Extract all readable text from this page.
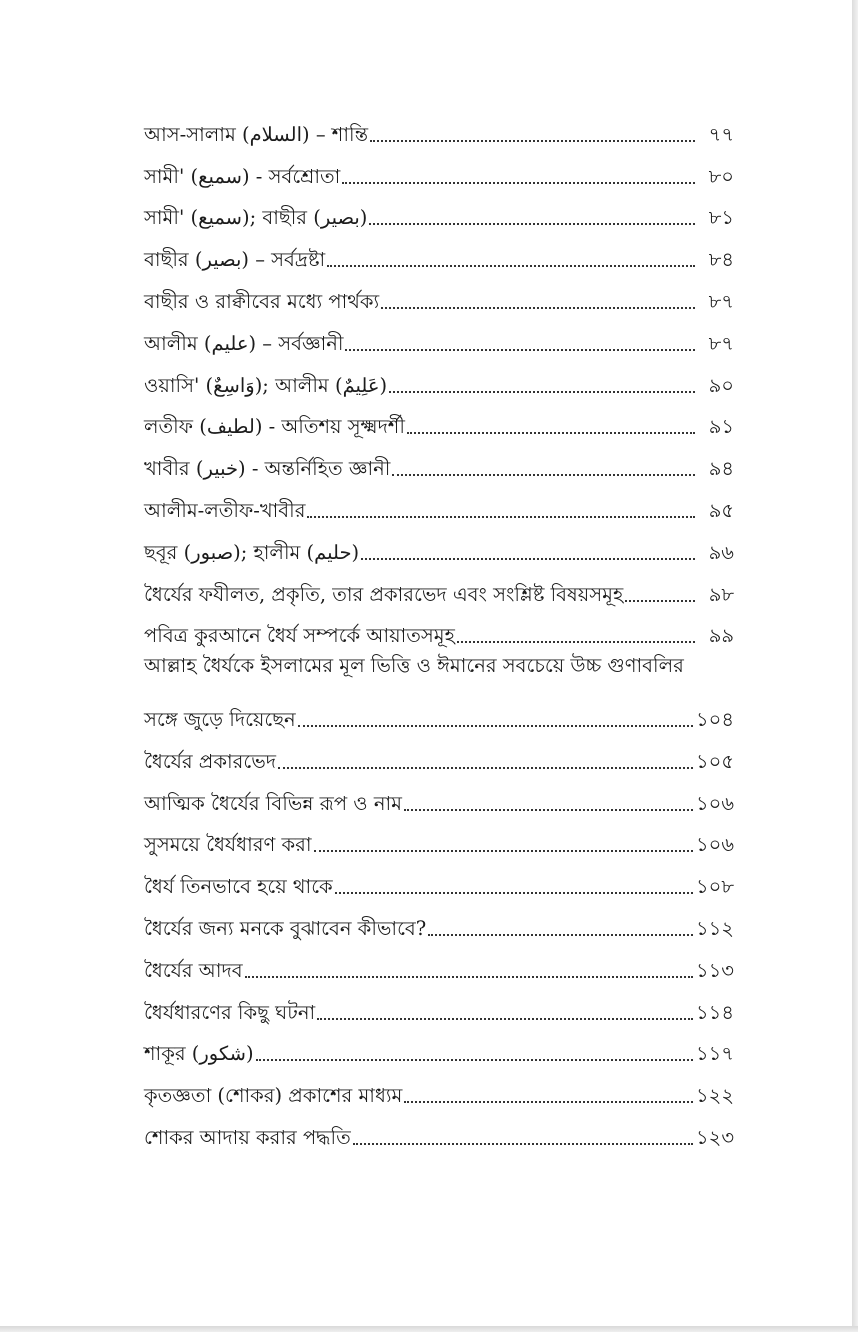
আস-সালাম (السلام) – শান্তি	৭৭
সামী' (سميع) - সর্বশ্রোতা	৮০
সামী' (سميع); বাছীর (بصير)	৮১
বাছীর (بصير) – সর্বদ্রষ্টা	৮৪
বাছীর ও রাক্বীবের মধ্যে পার্থক্য	৮৭
আলীম (عليم) – সর্বজ্ঞানী	৮৭
ওয়াসি' (وَاسِعٌ); আলীম (عَلِيمٌ)	৯০
লতীফ (لطيف) - অতিশয় সূক্ষ্মদর্শী	৯১
খাবীর (خبير) - অন্তর্নিহিত জ্ঞানী	৯৪
আলীম-লতীফ-খাবীর	৯৫
ছবূর (صبور); হালীম (حليم)	৯৬
ধৈর্যের ফযীলত, প্রকৃতি, তার প্রকারভেদ এবং সংশ্লিষ্ট বিষয়সমূহ	৯৮
পবিত্র কুরআনে ধৈর্য সম্পর্কে আয়াতসমূহ	৯৯
আল্লাহ ধৈর্যকে ইসলামের মূল ভিত্তি ও ঈমানের সবচেয়ে উচ্চ গুণাবলির
সঙ্গে জুড়ে দিয়েছেন	১০৪
ধৈর্যের প্রকারভেদ	১০৫
আত্মিক ধৈর্যের বিভিন্ন রূপ ও নাম	১০৬
সুসময়ে ধৈর্যধারণ করা	১০৬
ধৈর্য তিনভাবে হয়ে থাকে	১০৮
ধৈর্যের জন্য মনকে বুঝাবেন কীভাবে?	১১২
ধৈর্যের আদব	১১৩
ধৈর্যধারণের কিছু ঘটনা	১১৪
শাকূর (شكور)	১১৭
কৃতজ্ঞতা (শোকর) প্রকাশের মাধ্যম	১২২
শোকর আদায় করার পদ্ধতি	১২৩
